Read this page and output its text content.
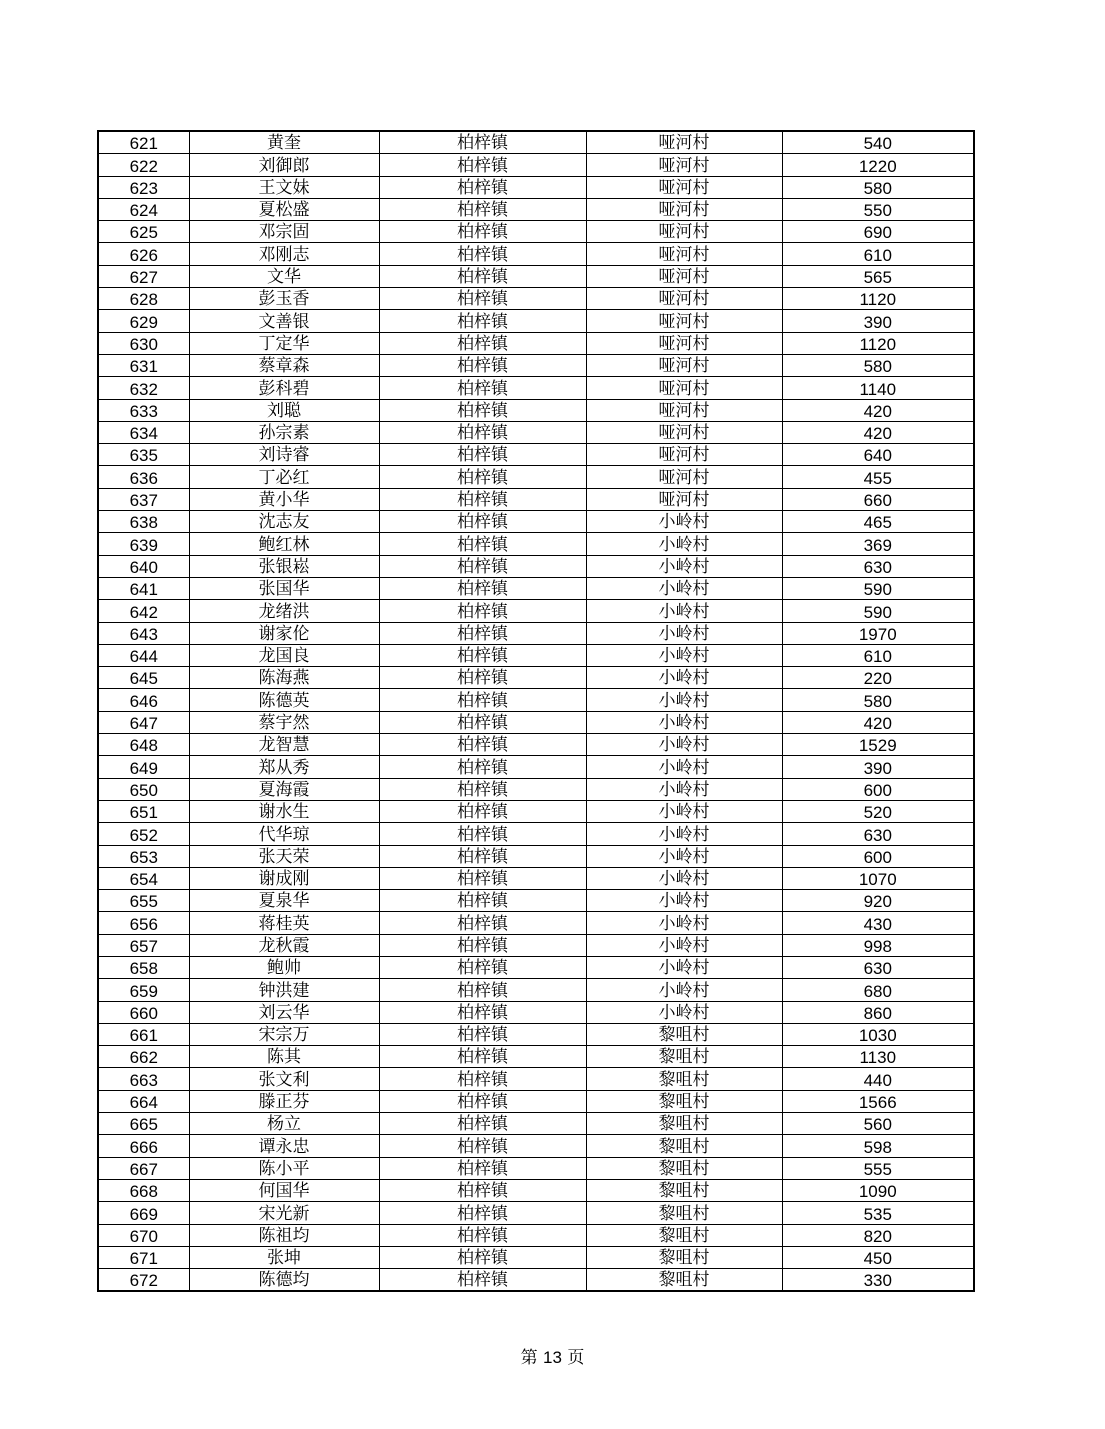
621	黄奎	柏梓镇	哑河村	540
622	刘御郎	柏梓镇	哑河村	1220
623	王文妹	柏梓镇	哑河村	580
624	夏松盛	柏梓镇	哑河村	550
625	邓宗固	柏梓镇	哑河村	690
626	邓刚志	柏梓镇	哑河村	610
627	文华	柏梓镇	哑河村	565
628	彭玉香	柏梓镇	哑河村	1120
629	文善银	柏梓镇	哑河村	390
630	丁定华	柏梓镇	哑河村	1120
631	蔡章森	柏梓镇	哑河村	580
632	彭科碧	柏梓镇	哑河村	1140
633	刘聪	柏梓镇	哑河村	420
634	孙宗素	柏梓镇	哑河村	420
635	刘诗睿	柏梓镇	哑河村	640
636	丁必红	柏梓镇	哑河村	455
637	黄小华	柏梓镇	哑河村	660
638	沈志友	柏梓镇	小岭村	465
639	鲍红林	柏梓镇	小岭村	369
640	张银崧	柏梓镇	小岭村	630
641	张国华	柏梓镇	小岭村	590
642	龙绪洪	柏梓镇	小岭村	590
643	谢家伦	柏梓镇	小岭村	1970
644	龙国良	柏梓镇	小岭村	610
645	陈海燕	柏梓镇	小岭村	220
646	陈德英	柏梓镇	小岭村	580
647	蔡宇然	柏梓镇	小岭村	420
648	龙智慧	柏梓镇	小岭村	1529
649	郑从秀	柏梓镇	小岭村	390
650	夏海霞	柏梓镇	小岭村	600
651	谢水生	柏梓镇	小岭村	520
652	代华琼	柏梓镇	小岭村	630
653	张天荣	柏梓镇	小岭村	600
654	谢成刚	柏梓镇	小岭村	1070
655	夏泉华	柏梓镇	小岭村	920
656	蒋桂英	柏梓镇	小岭村	430
657	龙秋霞	柏梓镇	小岭村	998
658	鲍帅	柏梓镇	小岭村	630
659	钟洪建	柏梓镇	小岭村	680
660	刘云华	柏梓镇	小岭村	860
661	宋宗万	柏梓镇	黎咀村	1030
662	陈其	柏梓镇	黎咀村	1130
663	张文利	柏梓镇	黎咀村	440
664	滕正芬	柏梓镇	黎咀村	1566
665	杨立	柏梓镇	黎咀村	560
666	谭永忠	柏梓镇	黎咀村	598
667	陈小平	柏梓镇	黎咀村	555
668	何国华	柏梓镇	黎咀村	1090
669	宋光新	柏梓镇	黎咀村	535
670	陈祖均	柏梓镇	黎咀村	820
671	张坤	柏梓镇	黎咀村	450
672	陈德均	柏梓镇	黎咀村	330
第 13 页
